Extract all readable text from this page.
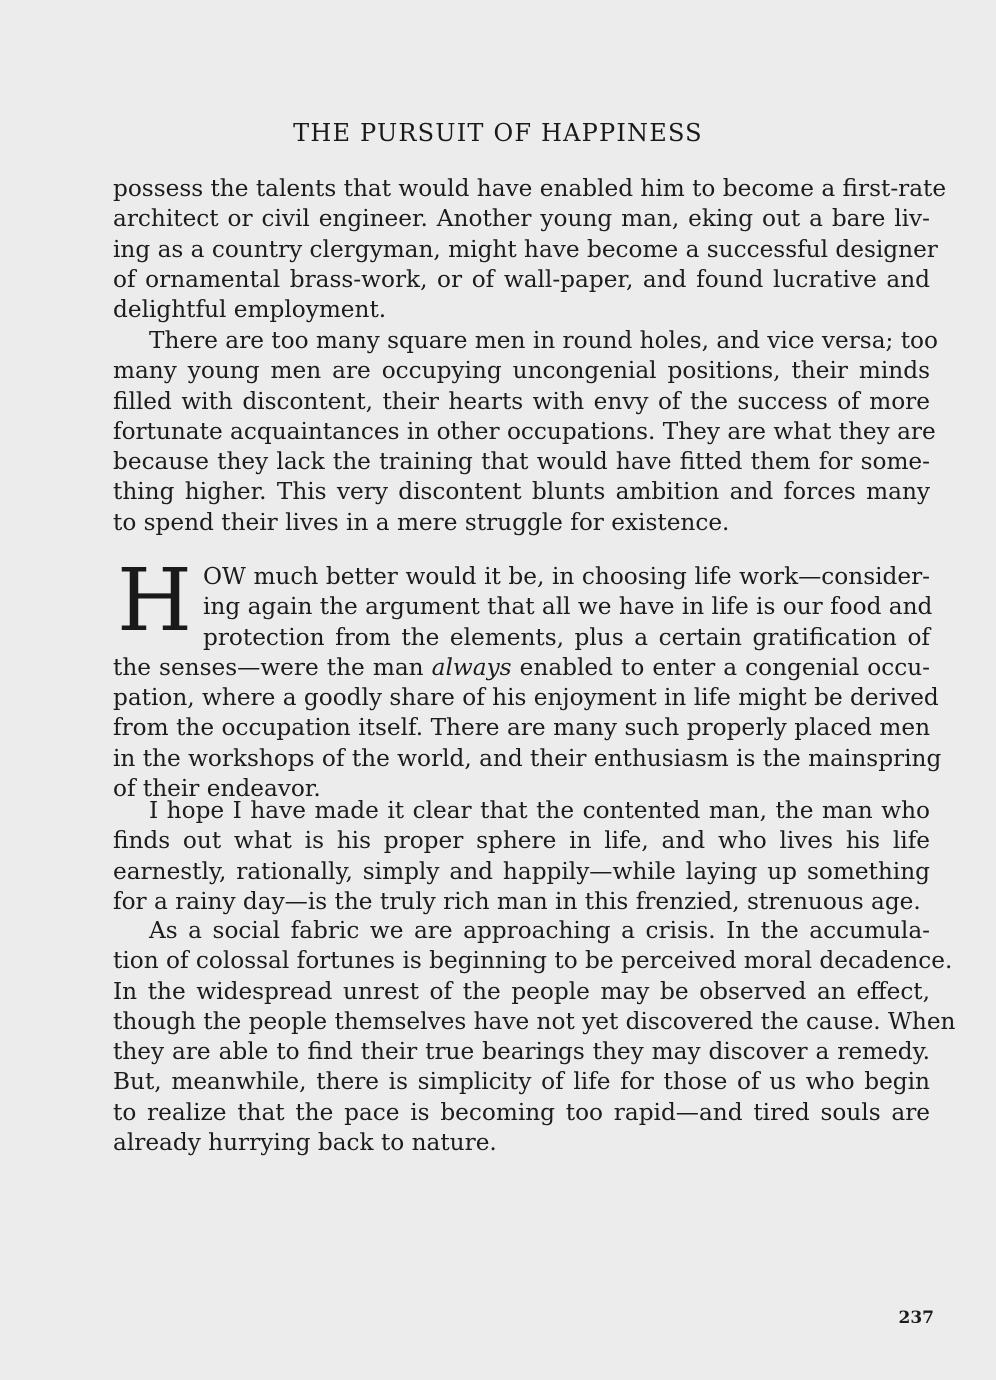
THE PURSUIT OF HAPPINESS
possess the talents that would have enabled him to become a first-rate
architect or civil engineer. Another young man, eking out a bare liv-
ing as a country clergyman, might have become a successful designer
of ornamental brass-work, or of wall-paper, and found lucrative and
delightful employment.
There are too many square men in round holes, and vice versa; too
many young men are occupying uncongenial positions, their minds
filled with discontent, their hearts with envy of the success of more
fortunate acquaintances in other occupations. They are what they are
because they lack the training that would have fitted them for some-
thing higher. This very discontent blunts ambition and forces many
to spend their lives in a mere struggle for existence.
H OW much better would it be, in choosing life work—consider-
ing again the argument that all we have in life is our food and
protection from the elements, plus a certain gratification of
the senses—were the man always enabled to enter a congenial occu-
pation, where a goodly share of his enjoyment in life might be derived
from the occupation itself. There are many such properly placed men
in the workshops of the world, and their enthusiasm is the mainspring
of their endeavor.
I hope I have made it clear that the contented man, the man who
finds out what is his proper sphere in life, and who lives his life
earnestly, rationally, simply and happily—while laying up something
for a rainy day—is the truly rich man in this frenzied, strenuous age.
As a social fabric we are approaching a crisis. In the accumula-
tion of colossal fortunes is beginning to be perceived moral decadence.
In the widespread unrest of the people may be observed an effect,
though the people themselves have not yet discovered the cause. When
they are able to find their true bearings they may discover a remedy.
But, meanwhile, there is simplicity of life for those of us who begin
to realize that the pace is becoming too rapid—and tired souls are
already hurrying back to nature.
237
